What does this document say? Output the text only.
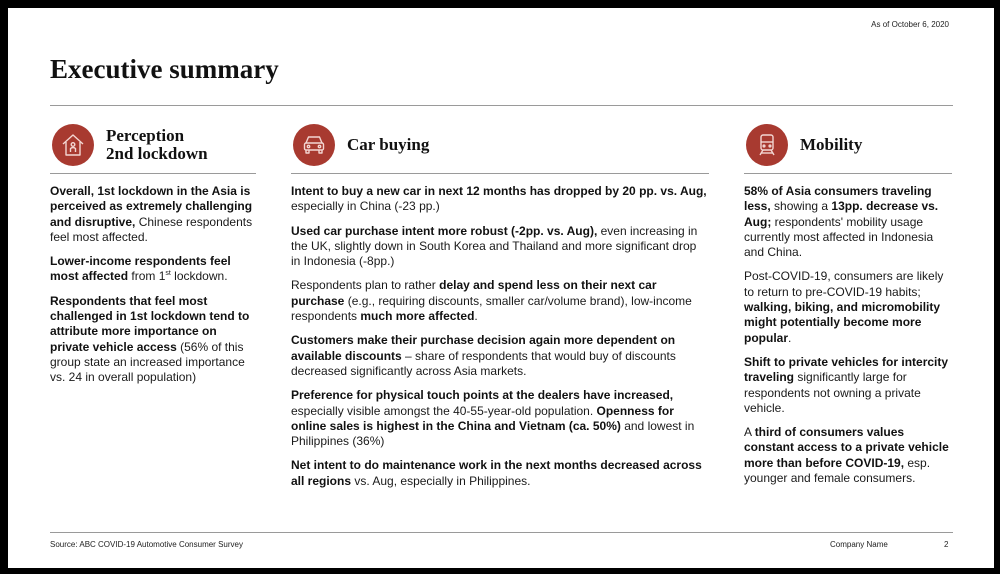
As of October 6, 2020
Executive summary
Perception
2nd lockdown

Overall, 1st lockdown in the Asia is perceived as extremely challenging and disruptive, Chinese respondents feel most affected.

Lower-income respondents feel most affected from 1st lockdown.

Respondents that feel most challenged in 1st lockdown tend to attribute more importance on private vehicle access (56% of this group state an increased importance vs. 24 in overall population)

Car buying

Intent to buy a new car in next 12 months has dropped by 20 pp. vs. Aug, especially in China (-23 pp.)

Used car purchase intent more robust (-2pp. vs. Aug), even increasing in the UK, slightly down in South Korea and Thailand and more significant drop in Indonesia (-8pp.)

Respondents plan to rather delay and spend less on their next car purchase (e.g., requiring discounts, smaller car/volume brand), low-income respondents much more affected.

Customers make their purchase decision again more dependent on available discounts – share of respondents that would buy of discounts decreased significantly across Asia markets.

Preference for physical touch points at the dealers have increased, especially visible amongst the 40-55-year-old population. Openness for online sales is highest in the China and Vietnam (ca. 50%) and lowest in Philippines (36%)

Net intent to do maintenance work in the next months decreased across all regions vs. Aug, especially in Philippines.

Mobility

58% of Asia consumers traveling less, showing a 13pp. decrease vs. Aug; respondents' mobility usage currently most affected in Indonesia and China.

Post-COVID-19, consumers are likely to return to pre-COVID-19 habits; walking, biking, and micromobility might potentially become more popular.

Shift to private vehicles for intercity traveling significantly large for respondents not owning a private vehicle.

A third of consumers values constant access to a private vehicle more than before COVID-19, esp. younger and female consumers.

Source: ABC COVID-19 Automotive Consumer Survey	Company Name	2
